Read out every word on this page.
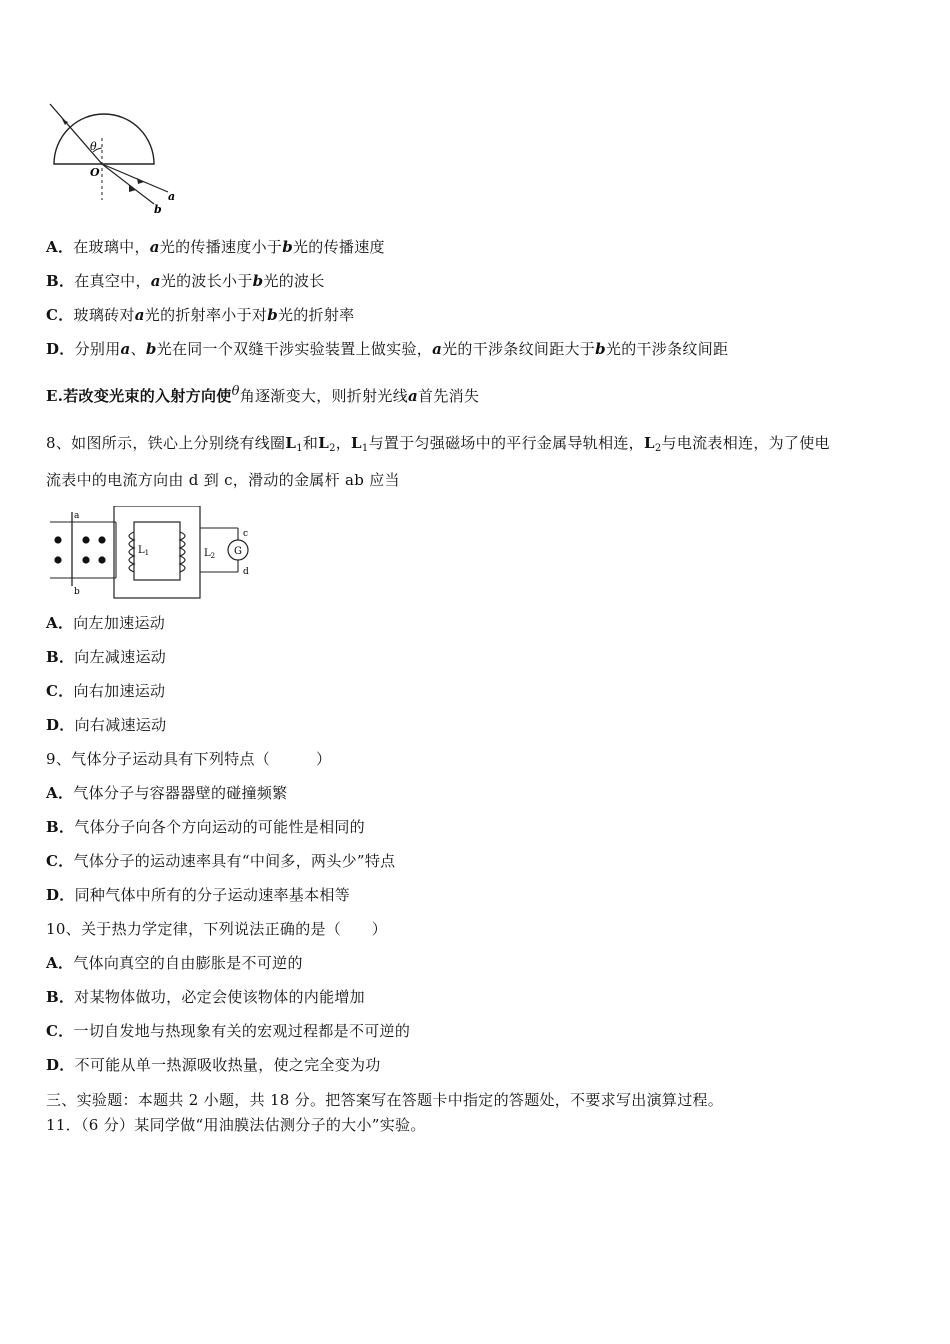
θ
O
a
b
A．在玻璃中，a光的传播速度小于b光的传播速度
B．在真空中，a光的波长小于b光的波长
C．玻璃砖对a光的折射率小于对b光的折射率
D．分别用a、b光在同一个双缝干涉实验装置上做实验，a光的干涉条纹间距大于b光的干涉条纹间距
E.若改变光束的入射方向使θ角逐渐变大，则折射光线a首先消失
8、如图所示，铁心上分别绕有线圈$L_1$和$L_2$，$L_1$与置于匀强磁场中的平行金属导轨相连，$L_2$与电流表相连，为了使电
流表中的电流方向由 d 到 c，滑动的金属杆 ab 应当
a
b
$L_1$	$L_2$ G
c
d
A．向左加速运动
B．向左减速运动
C．向右加速运动
D．向右减速运动
9、气体分子运动具有下列特点（　　　）
A．气体分子与容器器壁的碰撞频繁
B．气体分子向各个方向运动的可能性是相同的
C．气体分子的运动速率具有“中间多，两头少”特点
D．同种气体中所有的分子运动速率基本相等
10、关于热力学定律，下列说法正确的是（　　）
A．气体向真空的自由膨胀是不可逆的
B．对某物体做功，必定会使该物体的内能增加
C．一切自发地与热现象有关的宏观过程都是不可逆的
D．不可能从单一热源吸收热量，使之完全变为功
三、实验题：本题共 2 小题，共 18 分。把答案写在答题卡中指定的答题处，不要求写出演算过程。
11．（6 分）某同学做“用油膜法估测分子的大小”实验。
